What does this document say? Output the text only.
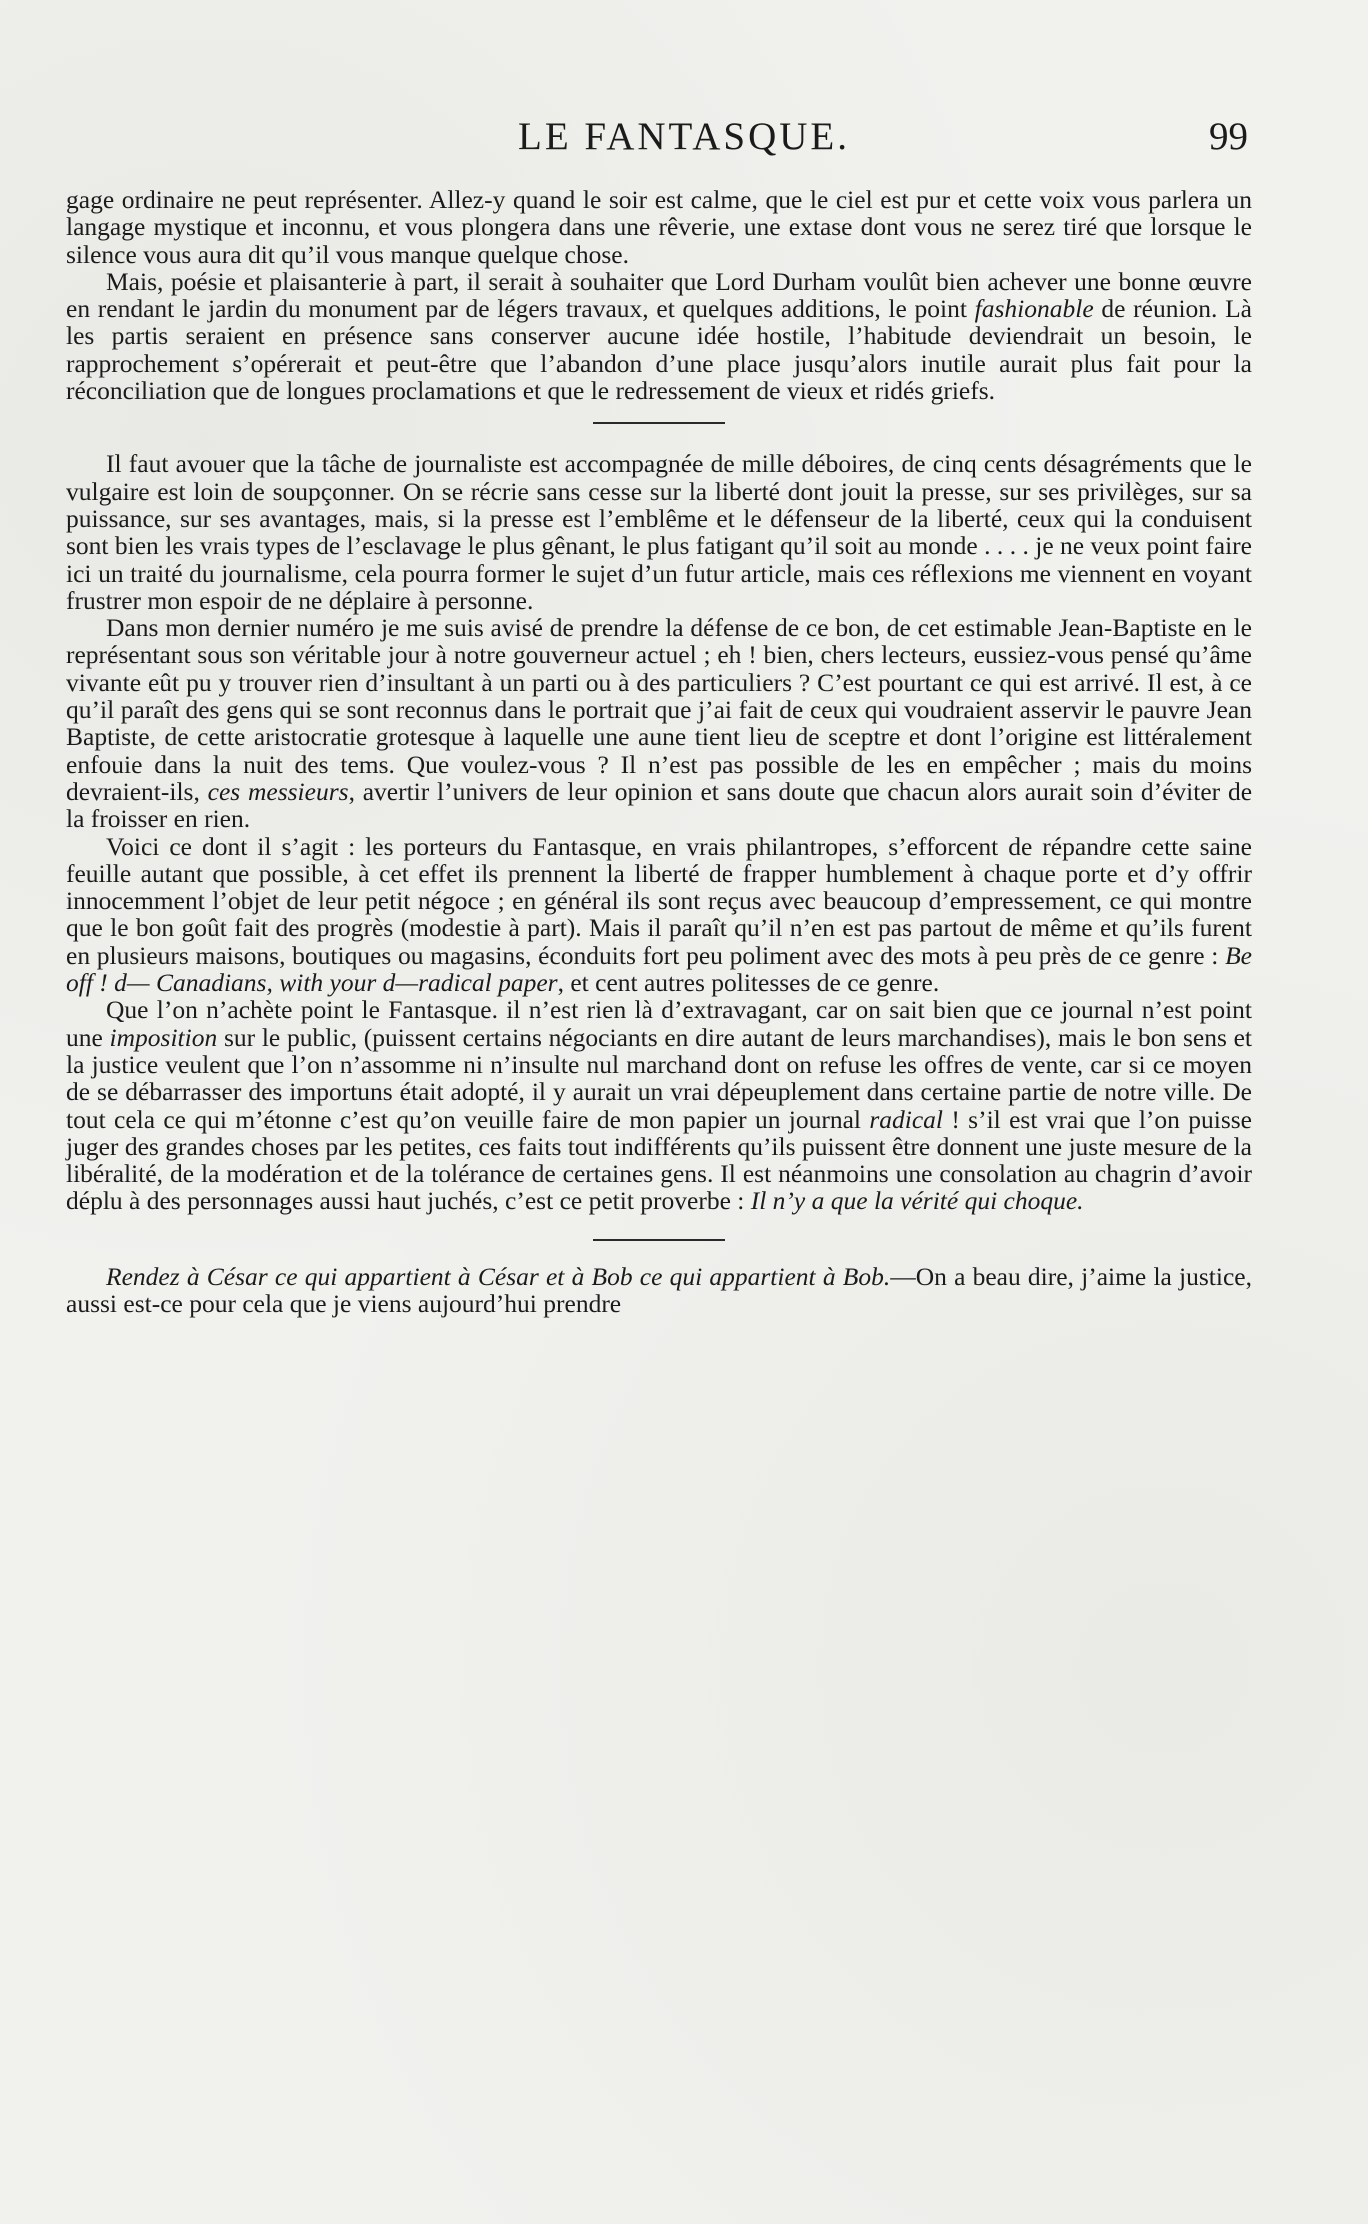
LE FANTASQUE.	99

gage ordinaire ne peut représenter. Allez-y quand le soir est calme, que le ciel est pur et cette voix vous parlera un langage mystique et inconnu, et vous plongera dans une rêverie, une extase dont vous ne serez tiré que lorsque le silence vous aura dit qu’il vous manque quelque chose.

Mais, poésie et plaisanterie à part, il serait à souhaiter que Lord Durham voulût bien achever une bonne œuvre en rendant le jardin du monument par de légers travaux, et quelques additions, le point fashionable de réunion. Là les partis seraient en présence sans conserver aucune idée hostile, l’habitude deviendrait un besoin, le rapprochement s’opérerait et peut-être que l’abandon d’une place jusqu’alors inutile aurait plus fait pour la réconciliation que de longues proclamations et que le redressement de vieux et ridés griefs.

Il faut avouer que la tâche de journaliste est accompagnée de mille déboires, de cinq cents désagréments que le vulgaire est loin de soupçonner. On se récrie sans cesse sur la liberté dont jouit la presse, sur ses privilèges, sur sa puissance, sur ses avantages, mais, si la presse est l’emblême et le défenseur de la liberté, ceux qui la conduisent sont bien les vrais types de l’esclavage le plus gênant, le plus fatigant qu’il soit au monde . . . . je ne veux point faire ici un traité du journalisme, cela pourra former le sujet d’un futur article, mais ces réflexions me viennent en voyant frustrer mon espoir de ne déplaire à personne.

Dans mon dernier numéro je me suis avisé de prendre la défense de ce bon, de cet estimable Jean-Baptiste en le représentant sous son véritable jour à notre gouverneur actuel ; eh ! bien, chers lecteurs, eussiez-vous pensé qu’âme vivante eût pu y trouver rien d’insultant à un parti ou à des particuliers ? C’est pourtant ce qui est arrivé. Il est, à ce qu’il paraît des gens qui se sont reconnus dans le portrait que j’ai fait de ceux qui voudraient asservir le pauvre Jean Baptiste, de cette aristocratie grotesque à laquelle une aune tient lieu de sceptre et dont l’origine est littéralement enfouie dans la nuit des tems. Que voulez-vous ? Il n’est pas possible de les en empêcher ; mais du moins devraient-ils, ces messieurs, avertir l’univers de leur opinion et sans doute que chacun alors aurait soin d’éviter de la froisser en rien.

Voici ce dont il s’agit : les porteurs du Fantasque, en vrais philantropes, s’efforcent de répandre cette saine feuille autant que possible, à cet effet ils prennent la liberté de frapper humblement à chaque porte et d’y offrir innocemment l’objet de leur petit négoce ; en général ils sont reçus avec beaucoup d’empressement, ce qui montre que le bon goût fait des progrès (modestie à part). Mais il paraît qu’il n’en est pas partout de même et qu’ils furent en plusieurs maisons, boutiques ou magasins, éconduits fort peu poliment avec des mots à peu près de ce genre : Be off ! d— Canadians, with your d—radical paper, et cent autres politesses de ce genre.

Que l’on n’achète point le Fantasque. il n’est rien là d’extravagant, car on sait bien que ce journal n’est point une imposition sur le public, (puissent certains négociants en dire autant de leurs marchandises), mais le bon sens et la justice veulent que l’on n’assomme ni n’insulte nul marchand dont on refuse les offres de vente, car si ce moyen de se débarrasser des importuns était adopté, il y aurait un vrai dépeuplement dans certaine partie de notre ville. De tout cela ce qui m’étonne c’est qu’on veuille faire de mon papier un journal radical ! s’il est vrai que l’on puisse juger des grandes choses par les petites, ces faits tout indifférents qu’ils puissent être donnent une juste mesure de la libéralité, de la modération et de la tolérance de certaines gens. Il est néanmoins une consolation au chagrin d’avoir déplu à des personnages aussi haut juchés, c’est ce petit proverbe : Il n’y a que la vérité qui choque.

Rendez à César ce qui appartient à César et à Bob ce qui appartient à Bob.—On a beau dire, j’aime la justice, aussi est-ce pour cela que je viens aujourd’hui prendre
